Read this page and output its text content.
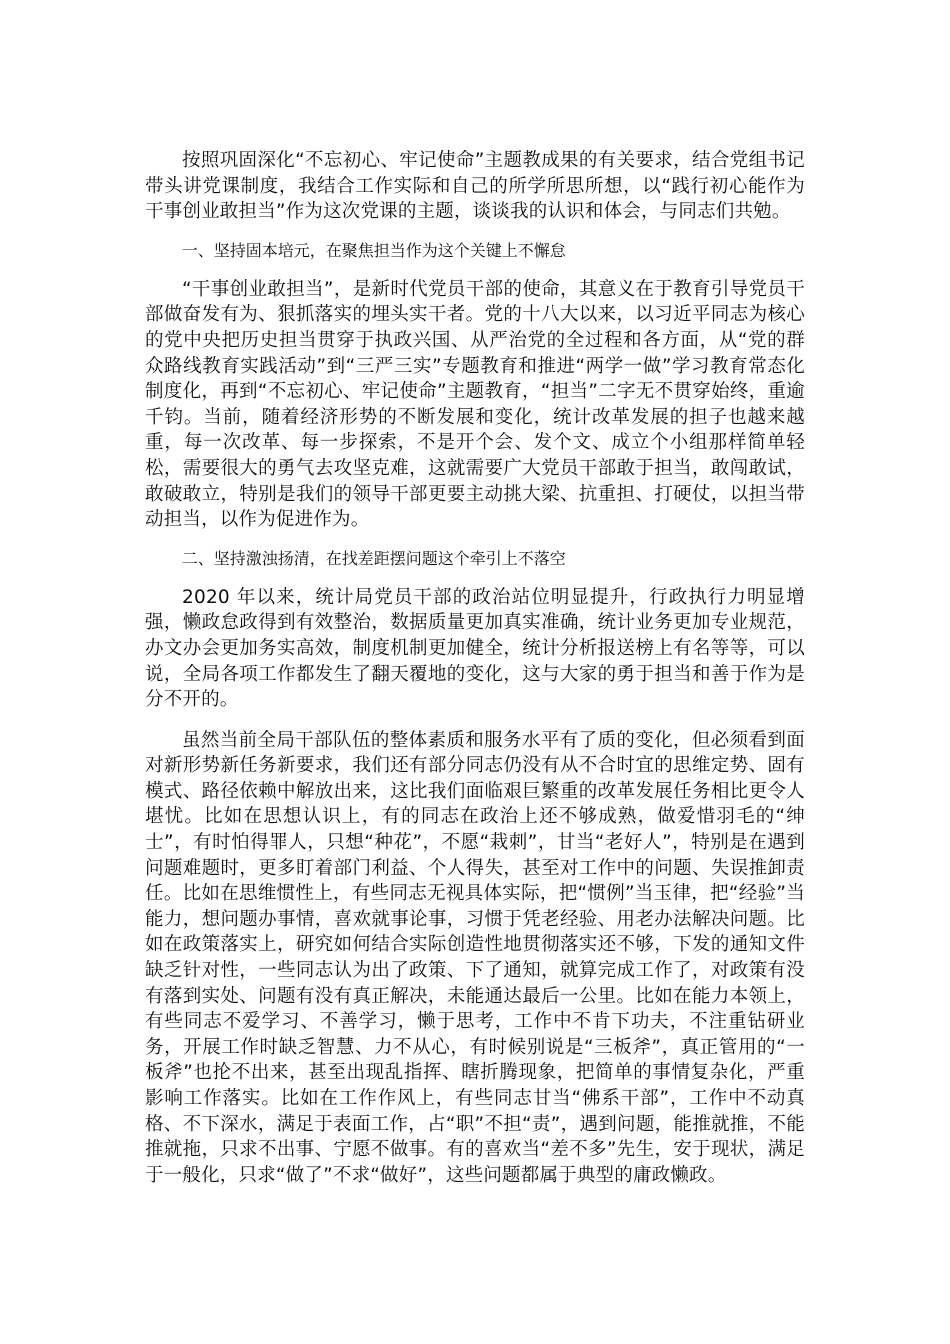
按照巩固深化“不忘初心、牢记使命”主题教成果的有关要求，结合党组书记带头讲党课制度，我结合工作实际和自己的所学所思所想，以“践行初心能作为 干事创业敢担当”作为这次党课的主题，谈谈我的认识和体会，与同志们共勉。

一、坚持固本培元，在聚焦担当作为这个关键上不懈怠

“干事创业敢担当”，是新时代党员干部的使命，其意义在于教育引导党员干部做奋发有为、狠抓落实的埋头实干者。党的十八大以来，以习近平同志为核心的党中央把历史担当贯穿于执政兴国、从严治党的全过程和各方面，从“党的群众路线教育实践活动”到“三严三实”专题教育和推进“两学一做”学习教育常态化制度化，再到“不忘初心、牢记使命”主题教育，“担当”二字无不贯穿始终，重逾千钧。当前，随着经济形势的不断发展和变化，统计改革发展的担子也越来越重，每一次改革、每一步探索，不是开个会、发个文、成立个小组那样简单轻松，需要很大的勇气去攻坚克难，这就需要广大党员干部敢于担当，敢闯敢试，敢破敢立，特别是我们的领导干部更要主动挑大梁、抗重担、打硬仗，以担当带动担当，以作为促进作为。

二、坚持激浊扬清，在找差距摆问题这个牵引上不落空

2020 年以来，统计局党员干部的政治站位明显提升，行政执行力明显增强，懒政怠政得到有效整治，数据质量更加真实准确，统计业务更加专业规范，办文办会更加务实高效，制度机制更加健全，统计分析报送榜上有名等等，可以说，全局各项工作都发生了翻天覆地的变化，这与大家的勇于担当和善于作为是分不开的。

虽然当前全局干部队伍的整体素质和服务水平有了质的变化，但必须看到面对新形势新任务新要求，我们还有部分同志仍没有从不合时宜的思维定势、固有模式、路径依赖中解放出来，这比我们面临艰巨繁重的改革发展任务相比更令人堪忧。比如在思想认识上，有的同志在政治上还不够成熟，做爱惜羽毛的“绅士”，有时怕得罪人，只想“种花”，不愿“栽刺”，甘当“老好人”，特别是在遇到问题难题时，更多盯着部门利益、个人得失，甚至对工作中的问题、失误推卸责任。比如在思维惯性上，有些同志无视具体实际，把“惯例”当玉律，把“经验”当能力，想问题办事情，喜欢就事论事，习惯于凭老经验、用老办法解决问题。比如在政策落实上，研究如何结合实际创造性地贯彻落实还不够，下发的通知文件缺乏针对性，一些同志认为出了政策、下了通知，就算完成工作了，对政策有没有落到实处、问题有没有真正解决，未能通达最后一公里。比如在能力本领上，有些同志不爱学习、不善学习，懒于思考，工作中不肯下功夫，不注重钻研业务，开展工作时缺乏智慧、力不从心，有时候别说是“三板斧”，真正管用的“一板斧”也抡不出来，甚至出现乱指挥、瞎折腾现象，把简单的事情复杂化，严重影响工作落实。比如在工作作风上，有些同志甘当“佛系干部”，工作中不动真格、不下深水，满足于表面工作，占“职”不担“责”，遇到问题，能推就推，不能推就拖，只求不出事、宁愿不做事。有的喜欢当“差不多”先生，安于现状，满足于一般化，只求“做了”不求“做好”，这些问题都属于典型的庸政懒政。
